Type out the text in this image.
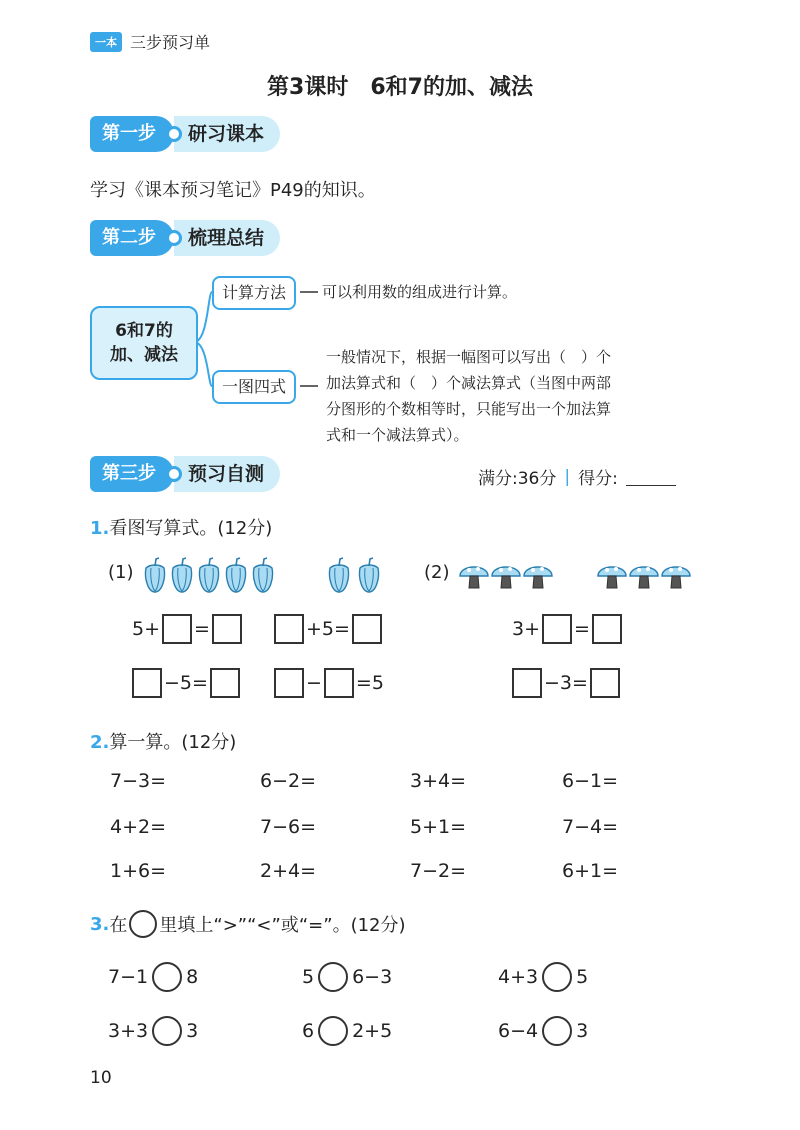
一本 三步预习单
第3课时　6和7的加、减法
第一步	研习课本
学习《课本预习笔记》P49的知识。
第二步	梳理总结
6和7的
加、减法
计算方法	可以利用数的组成进行计算。
一图四式
一般情况下，根据一幅图可以写出（　）个
加法算式和（　）个减法算式（当图中两部
分图形的个数相等时，只能写出一个加法算
式和一个减法算式）。
第三步	预习自测	满分:36分 | 得分:
1.看图写算式。(12分)
(1)	(2)
5+ =	+5=	3+ =
−5=	− =5	−3=
2.算一算。(12分)
7−3=	6−2=	3+4=	6−1=
4+2=	7−6=	5+1=	7−4=
1+6=	2+4=	7−2=	6+1=
3. 在 里填上“>”“<”或“=”。(12分)
7−1 8	5 6−3	4+3 5
3+3 3	6 2+5	6−4 3
10
